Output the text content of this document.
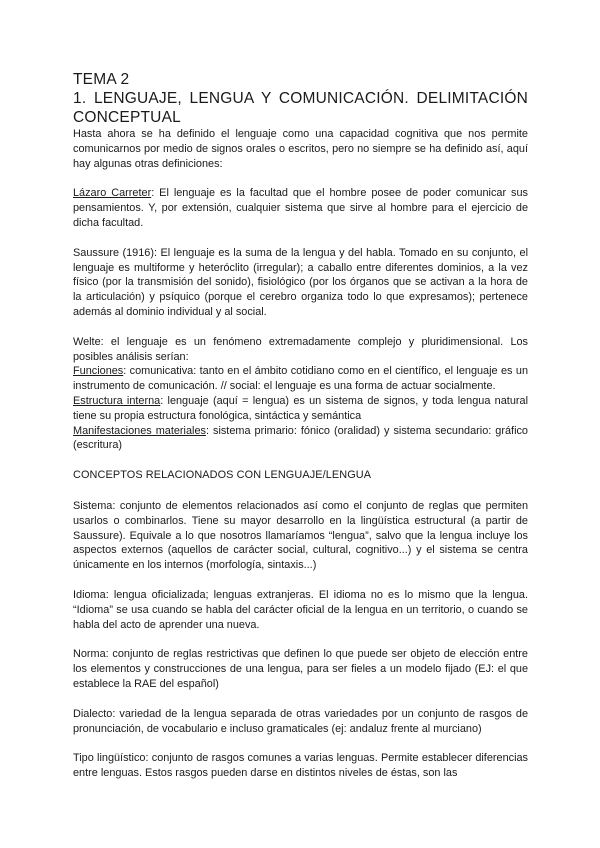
TEMA 2

1. LENGUAJE, LENGUA Y COMUNICACIÓN. DELIMITACIÓN CONCEPTUAL

Hasta ahora se ha definido el lenguaje como una capacidad cognitiva que nos permite comunicarnos por medio de signos orales o escritos, pero no siempre se ha definido así, aquí hay algunas otras definiciones:

Lázaro Carreter: El lenguaje es la facultad que el hombre posee de poder comunicar sus pensamientos. Y, por extensión, cualquier sistema que sirve al hombre para el ejercicio de dicha facultad.

Saussure (1916): El lenguaje es la suma de la lengua y del habla. Tomado en su conjunto, el lenguaje es multiforme y heteróclito (irregular); a caballo entre diferentes dominios, a la vez físico (por la transmisión del sonido), fisiológico (por los órganos que se activan a la hora de la articulación) y psíquico (porque el cerebro organiza todo lo que expresamos); pertenece además al dominio individual y al social.

Welte: el lenguaje es un fenómeno extremadamente complejo y pluridimensional. Los posibles análisis serían:

Funciones: comunicativa: tanto en el ámbito cotidiano como en el científico, el lenguaje es un instrumento de comunicación. // social: el lenguaje es una forma de actuar socialmente.

Estructura interna: lenguaje (aquí = lengua) es un sistema de signos, y toda lengua natural tiene su propia estructura fonológica, sintáctica y semántica

Manifestaciones materiales: sistema primario: fónico (oralidad) y sistema secundario: gráfico (escritura)

CONCEPTOS RELACIONADOS CON LENGUAJE/LENGUA

Sistema: conjunto de elementos relacionados así como el conjunto de reglas que permiten usarlos o combinarlos. Tiene su mayor desarrollo en la lingüística estructural (a partir de Saussure). Equivale a lo que nosotros llamaríamos “lengua”, salvo que la lengua incluye los aspectos externos (aquellos de carácter social, cultural, cognitivo...) y el sistema se centra únicamente en los internos (morfología, sintaxis...)

Idioma: lengua oficializada; lenguas extranjeras. El idioma no es lo mismo que la lengua. “Idioma” se usa cuando se habla del carácter oficial de la lengua en un territorio, o cuando se habla del acto de aprender una nueva.

Norma: conjunto de reglas restrictivas que definen lo que puede ser objeto de elección entre los elementos y construcciones de una lengua, para ser fieles a un modelo fijado (EJ: el que establece la RAE del español)

Dialecto: variedad de la lengua separada de otras variedades por un conjunto de rasgos de pronunciación, de vocabulario e incluso gramaticales (ej: andaluz frente al murciano)

Tipo lingüístico: conjunto de rasgos comunes a varias lenguas. Permite establecer diferencias entre lenguas. Estos rasgos pueden darse en distintos niveles de éstas, son las
